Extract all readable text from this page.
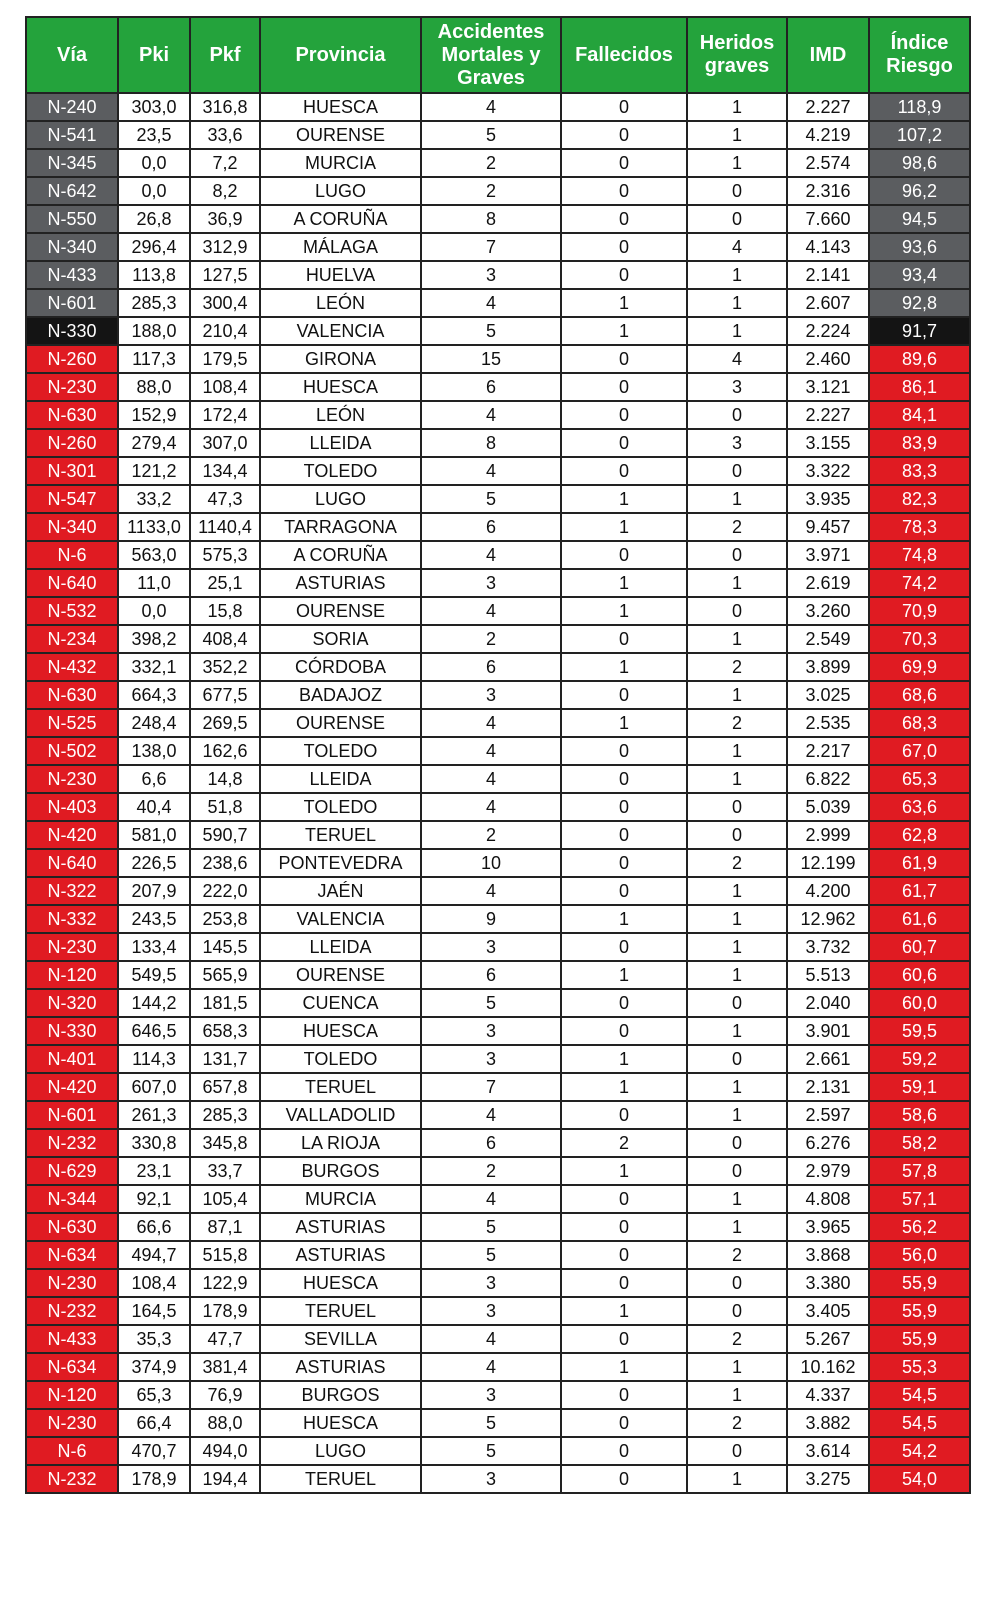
Vía	Pki	Pkf	Provincia	Accidentes Mortales y Graves	Fallecidos	Heridos graves	IMD	Índice Riesgo
N-240	303,0	316,8	HUESCA	4	0	1	2.227	118,9
N-541	23,5	33,6	OURENSE	5	0	1	4.219	107,2
N-345	0,0	7,2	MURCIA	2	0	1	2.574	98,6
N-642	0,0	8,2	LUGO	2	0	0	2.316	96,2
N-550	26,8	36,9	A CORUÑA	8	0	0	7.660	94,5
N-340	296,4	312,9	MÁLAGA	7	0	4	4.143	93,6
N-433	113,8	127,5	HUELVA	3	0	1	2.141	93,4
N-601	285,3	300,4	LEÓN	4	1	1	2.607	92,8
N-330	188,0	210,4	VALENCIA	5	1	1	2.224	91,7
N-260	117,3	179,5	GIRONA	15	0	4	2.460	89,6
N-230	88,0	108,4	HUESCA	6	0	3	3.121	86,1
N-630	152,9	172,4	LEÓN	4	0	0	2.227	84,1
N-260	279,4	307,0	LLEIDA	8	0	3	3.155	83,9
N-301	121,2	134,4	TOLEDO	4	0	0	3.322	83,3
N-547	33,2	47,3	LUGO	5	1	1	3.935	82,3
N-340	1133,0	1140,4	TARRAGONA	6	1	2	9.457	78,3
N-6	563,0	575,3	A CORUÑA	4	0	0	3.971	74,8
N-640	11,0	25,1	ASTURIAS	3	1	1	2.619	74,2
N-532	0,0	15,8	OURENSE	4	1	0	3.260	70,9
N-234	398,2	408,4	SORIA	2	0	1	2.549	70,3
N-432	332,1	352,2	CÓRDOBA	6	1	2	3.899	69,9
N-630	664,3	677,5	BADAJOZ	3	0	1	3.025	68,6
N-525	248,4	269,5	OURENSE	4	1	2	2.535	68,3
N-502	138,0	162,6	TOLEDO	4	0	1	2.217	67,0
N-230	6,6	14,8	LLEIDA	4	0	1	6.822	65,3
N-403	40,4	51,8	TOLEDO	4	0	0	5.039	63,6
N-420	581,0	590,7	TERUEL	2	0	0	2.999	62,8
N-640	226,5	238,6	PONTEVEDRA	10	0	2	12.199	61,9
N-322	207,9	222,0	JAÉN	4	0	1	4.200	61,7
N-332	243,5	253,8	VALENCIA	9	1	1	12.962	61,6
N-230	133,4	145,5	LLEIDA	3	0	1	3.732	60,7
N-120	549,5	565,9	OURENSE	6	1	1	5.513	60,6
N-320	144,2	181,5	CUENCA	5	0	0	2.040	60,0
N-330	646,5	658,3	HUESCA	3	0	1	3.901	59,5
N-401	114,3	131,7	TOLEDO	3	1	0	2.661	59,2
N-420	607,0	657,8	TERUEL	7	1	1	2.131	59,1
N-601	261,3	285,3	VALLADOLID	4	0	1	2.597	58,6
N-232	330,8	345,8	LA RIOJA	6	2	0	6.276	58,2
N-629	23,1	33,7	BURGOS	2	1	0	2.979	57,8
N-344	92,1	105,4	MURCIA	4	0	1	4.808	57,1
N-630	66,6	87,1	ASTURIAS	5	0	1	3.965	56,2
N-634	494,7	515,8	ASTURIAS	5	0	2	3.868	56,0
N-230	108,4	122,9	HUESCA	3	0	0	3.380	55,9
N-232	164,5	178,9	TERUEL	3	1	0	3.405	55,9
N-433	35,3	47,7	SEVILLA	4	0	2	5.267	55,9
N-634	374,9	381,4	ASTURIAS	4	1	1	10.162	55,3
N-120	65,3	76,9	BURGOS	3	0	1	4.337	54,5
N-230	66,4	88,0	HUESCA	5	0	2	3.882	54,5
N-6	470,7	494,0	LUGO	5	0	0	3.614	54,2
N-232	178,9	194,4	TERUEL	3	0	1	3.275	54,0
